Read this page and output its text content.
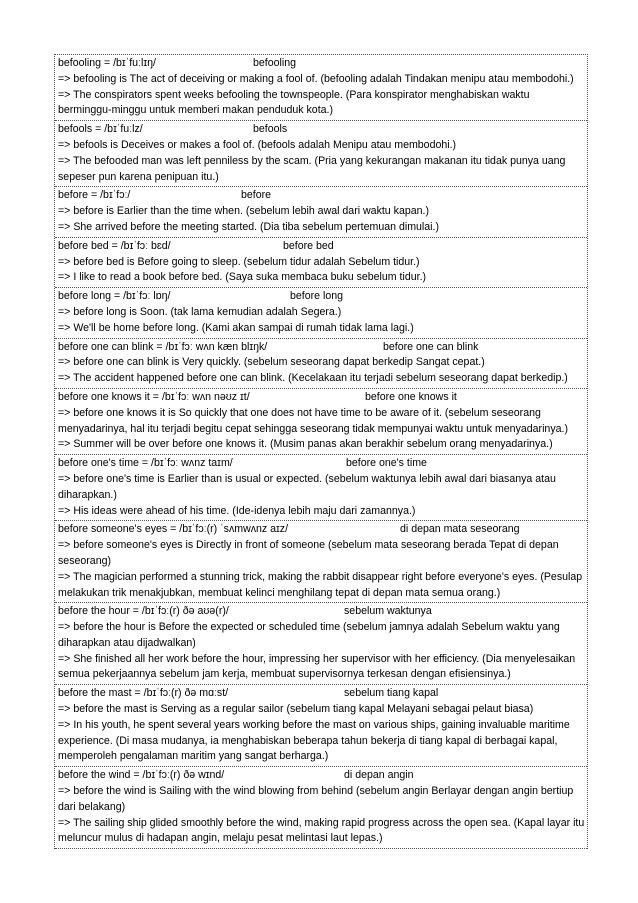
befooling = /bɪˈfuːlɪŋ/	befooling
=> befooling is The act of deceiving or making a fool of. (befooling adalah Tindakan menipu atau membodohi.)
=> The conspirators spent weeks befooling the townspeople. (Para konspirator menghabiskan waktu berminggu-minggu untuk memberi makan penduduk kota.)
befools = /bɪˈfuːlz/	befools
=> befools is Deceives or makes a fool of. (befools adalah Menipu atau membodohi.)
=> The befooded man was left penniless by the scam. (Pria yang kekurangan makanan itu tidak punya uang sepeser pun karena penipuan itu.)
before = /bɪˈfɔː/	before
=> before is Earlier than the time when. (sebelum lebih awal dari waktu kapan.)
=> She arrived before the meeting started. (Dia tiba sebelum pertemuan dimulai.)
before bed = /bɪˈfɔː bɛd/	before bed
=> before bed is Before going to sleep. (sebelum tidur adalah Sebelum tidur.)
=> I like to read a book before bed. (Saya suka membaca buku sebelum tidur.)
before long = /bɪˈfɔː lɒŋ/	before long
=> before long is Soon. (tak lama kemudian adalah Segera.)
=> We'll be home before long. (Kami akan sampai di rumah tidak lama lagi.)
before one can blink = /bɪˈfɔː wʌn kæn blɪŋk/	before one can blink
=> before one can blink is Very quickly. (sebelum seseorang dapat berkedip Sangat cepat.)
=> The accident happened before one can blink. (Kecelakaan itu terjadi sebelum seseorang dapat berkedip.)
before one knows it = /bɪˈfɔː wʌn nəʊz ɪt/	before one knows it
=> before one knows it is So quickly that one does not have time to be aware of it. (sebelum seseorang menyadarinya, hal itu terjadi begitu cepat sehingga seseorang tidak mempunyai waktu untuk menyadarinya.)
=> Summer will be over before one knows it. (Musim panas akan berakhir sebelum orang menyadarinya.)
before one's time = /bɪˈfɔː wʌnz taɪm/	before one's time
=> before one's time is Earlier than is usual or expected. (sebelum waktunya lebih awal dari biasanya atau diharapkan.)
=> His ideas were ahead of his time. (Ide-idenya lebih maju dari zamannya.)
before someone's eyes = /bɪˈfɔː(r) ˈsʌmwʌnz aɪz/	di depan mata seseorang
=> before someone's eyes is Directly in front of someone (sebelum mata seseorang berada Tepat di depan seseorang)
=> The magician performed a stunning trick, making the rabbit disappear right before everyone's eyes. (Pesulap melakukan trik menakjubkan, membuat kelinci menghilang tepat di depan mata semua orang.)
before the hour = /bɪˈfɔː(r) ðə aʊə(r)/	sebelum waktunya
=> before the hour is Before the expected or scheduled time (sebelum jamnya adalah Sebelum waktu yang diharapkan atau dijadwalkan)
=> She finished all her work before the hour, impressing her supervisor with her efficiency. (Dia menyelesaikan semua pekerjaannya sebelum jam kerja, membuat supervisornya terkesan dengan efisiensinya.)
before the mast = /bɪˈfɔː(r) ðə mɑːst/	sebelum tiang kapal
=> before the mast is Serving as a regular sailor (sebelum tiang kapal Melayani sebagai pelaut biasa)
=> In his youth, he spent several years working before the mast on various ships, gaining invaluable maritime experience. (Di masa mudanya, ia menghabiskan beberapa tahun bekerja di tiang kapal di berbagai kapal, memperoleh pengalaman maritim yang sangat berharga.)
before the wind = /bɪˈfɔː(r) ðə wɪnd/	di depan angin
=> before the wind is Sailing with the wind blowing from behind (sebelum angin Berlayar dengan angin bertiup dari belakang)
=> The sailing ship glided smoothly before the wind, making rapid progress across the open sea. (Kapal layar itu meluncur mulus di hadapan angin, melaju pesat melintasi laut lepas.)
